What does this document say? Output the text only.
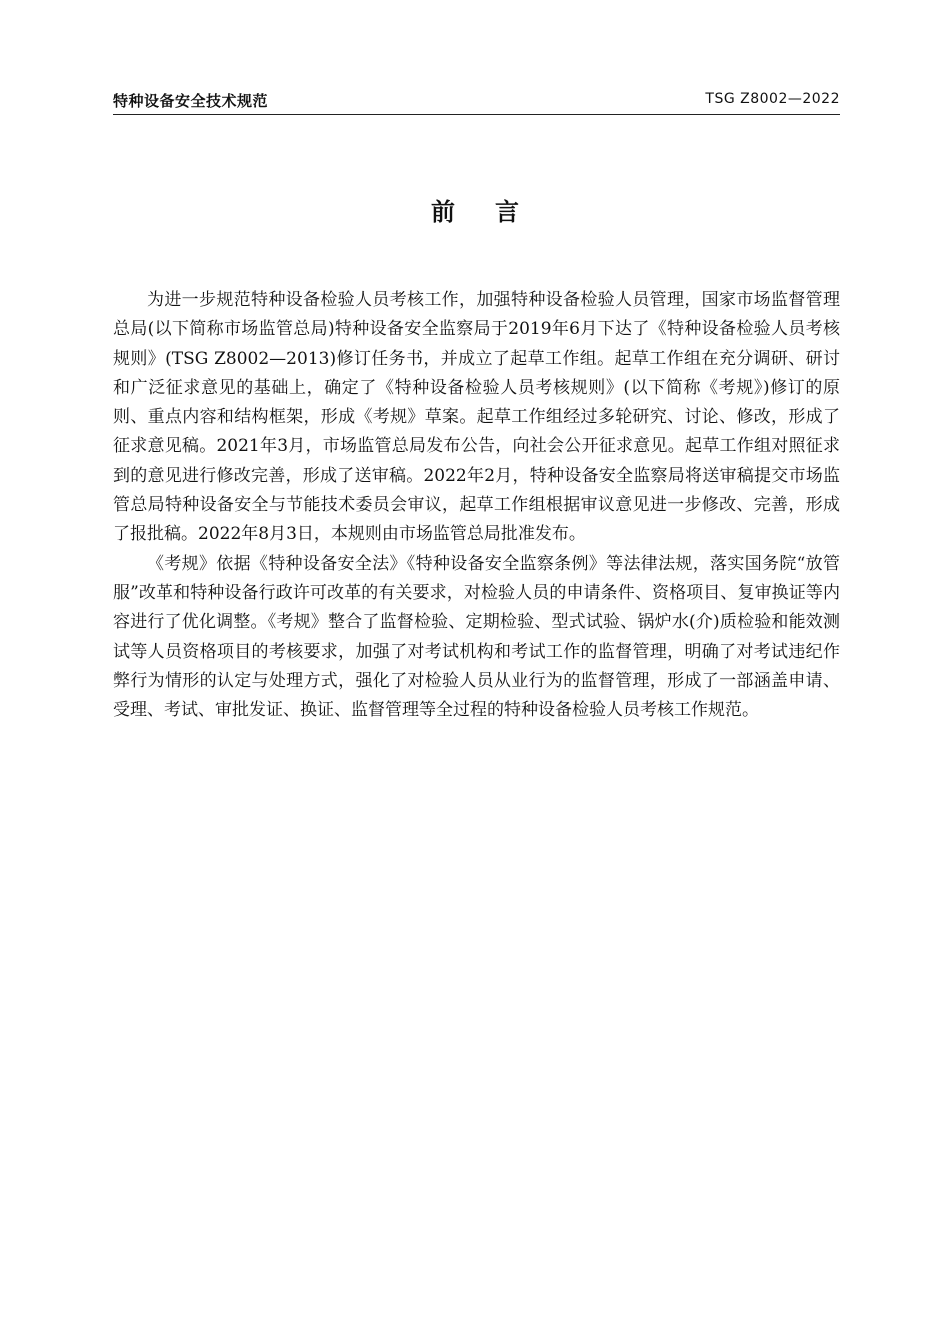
特种设备安全技术规范	TSG Z8002—2022
前言

为进一步规范特种设备检验人员考核工作，加强特种设备检验人员管理，国家市场监督管理总局(以下简称市场监管总局)特种设备安全监察局于2019年6月下达了《特种设备检验人员考核规则》(TSG Z8002—2013)修订任务书，并成立了起草工作组。起草工作组在充分调研、研讨和广泛征求意见的基础上，确定了《特种设备检验人员考核规则》(以下简称《考规》)修订的原则、重点内容和结构框架，形成《考规》草案。起草工作组经过多轮研究、讨论、修改，形成了征求意见稿。2021年3月，市场监管总局发布公告，向社会公开征求意见。起草工作组对照征求到的意见进行修改完善，形成了送审稿。2022年2月，特种设备安全监察局将送审稿提交市场监管总局特种设备安全与节能技术委员会审议，起草工作组根据审议意见进一步修改、完善，形成了报批稿。2022年8月3日，本规则由市场监管总局批准发布。

《考规》依据《特种设备安全法》《特种设备安全监察条例》等法律法规，落实国务院“放管服”改革和特种设备行政许可改革的有关要求，对检验人员的申请条件、资格项目、复审换证等内容进行了优化调整。《考规》整合了监督检验、定期检验、型式试验、锅炉水(介)质检验和能效测试等人员资格项目的考核要求，加强了对考试机构和考试工作的监督管理，明确了对考试违纪作弊行为情形的认定与处理方式，强化了对检验人员从业行为的监督管理，形成了一部涵盖申请、受理、考试、审批发证、换证、监督管理等全过程的特种设备检验人员考核工作规范。
